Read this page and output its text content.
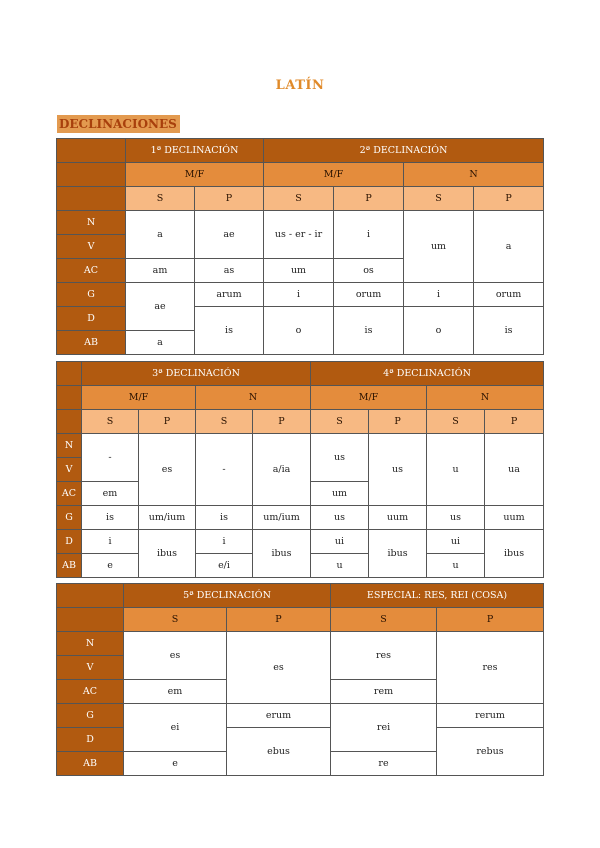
LATÍN
DECLINACIONES
	1ª DECLINACIÓN		2ª DECLINACIÓN			
	M/F		M/F		N	
	S	P	S	P	S	P
N	a	ae	us - er - ir	i	um	a
V						
AC	am	as	um	os		
G	ae	arum	i	orum	i	orum
D		is	o	is	o	is
AB	a					
	3ª DECLINACIÓN				4ª DECLINACIÓN			
	M/F		N		M/F		N	
	S	P	S	P	S	P	S	P
N	-	es	-	a/ia	us	us	u	ua
V								
AC	em				um			
G	is	um/ium	is	um/ium	us	uum	us	uum
D	i	ibus	i	ibus	ui	ibus	ui	ibus
AB	e		e/i		u		u	
	5ª DECLINACIÓN		ESPECIAL: RES, REI (COSA)	
	S	P	S	P
N	es	es	res	res
V				
AC	em		rem	
G	ei	erum	rei	rerum
D		ebus		rebus
AB	e		re	
